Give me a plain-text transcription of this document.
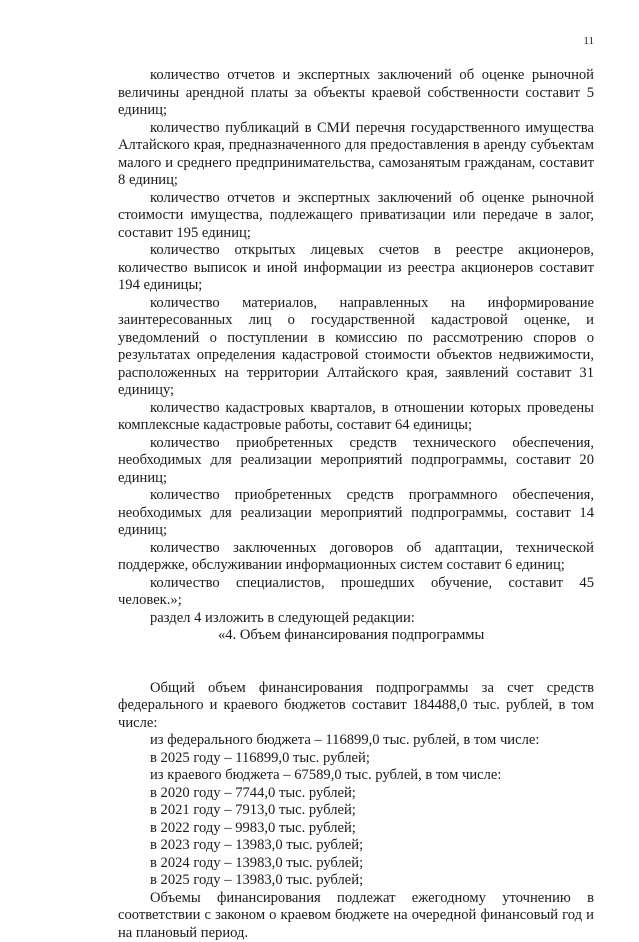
11

количество отчетов и экспертных заключений об оценке рыночной величины арендной платы за объекты краевой собственности составит 5 единиц;

количество публикаций в СМИ перечня государственного имущества Алтайского края, предназначенного для предоставления в аренду субъектам малого и среднего предпринимательства, самозанятым гражданам, составит 8 единиц;

количество отчетов и экспертных заключений об оценке рыночной стоимости имущества, подлежащего приватизации или передаче в залог, составит 195 единиц;

количество открытых лицевых счетов в реестре акционеров, количество выписок и иной информации из реестра акционеров составит 194 единицы;

количество материалов, направленных на информирование заинтересованных лиц о государственной кадастровой оценке, и уведомлений о поступлении в комиссию по рассмотрению споров о результатах определения кадастровой стоимости объектов недвижимости, расположенных на территории Алтайского края, заявлений составит 31 единицу;

количество кадастровых кварталов, в отношении которых проведены комплексные кадастровые работы, составит 64 единицы;

количество приобретенных средств технического обеспечения, необходимых для реализации мероприятий подпрограммы, составит 20 единиц;

количество приобретенных средств программного обеспечения, необходимых для реализации мероприятий подпрограммы, составит 14 единиц;

количество заключенных договоров об адаптации, технической поддержке, обслуживании информационных систем составит 6 единиц;

количество специалистов, прошедших обучение, составит 45 человек.»;

раздел 4 изложить в следующей редакции:

«4. Объем финансирования подпрограммы

Общий объем финансирования подпрограммы за счет средств федерального и краевого бюджетов составит 184488,0 тыс. рублей, в том числе:

из федерального бюджета – 116899,0 тыс. рублей, в том числе:

в 2025 году – 116899,0 тыс. рублей;

из краевого бюджета – 67589,0 тыс. рублей, в том числе:

в 2020 году – 7744,0 тыс. рублей;

в 2021 году – 7913,0 тыс. рублей;

в 2022 году – 9983,0 тыс. рублей;

в 2023 году – 13983,0 тыс. рублей;

в 2024 году – 13983,0 тыс. рублей;

в 2025 году – 13983,0 тыс. рублей;

Объемы финансирования подлежат ежегодному уточнению в соответствии с законом о краевом бюджете на очередной финансовый год и на плановый период.
